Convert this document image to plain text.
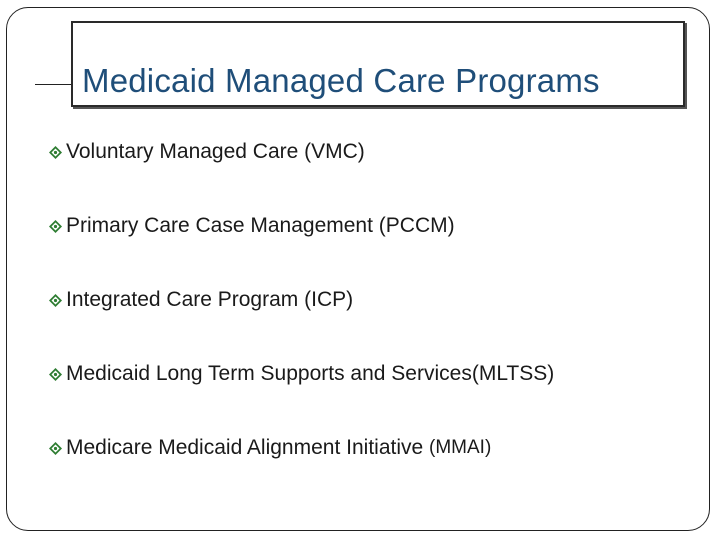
Medicaid Managed Care Programs
Voluntary Managed Care (VMC)
Primary Care Case Management (PCCM)
Integrated Care Program (ICP)
Medicaid Long Term Supports and Services(MLTSS)
Medicare Medicaid Alignment Initiative (MMAI)
